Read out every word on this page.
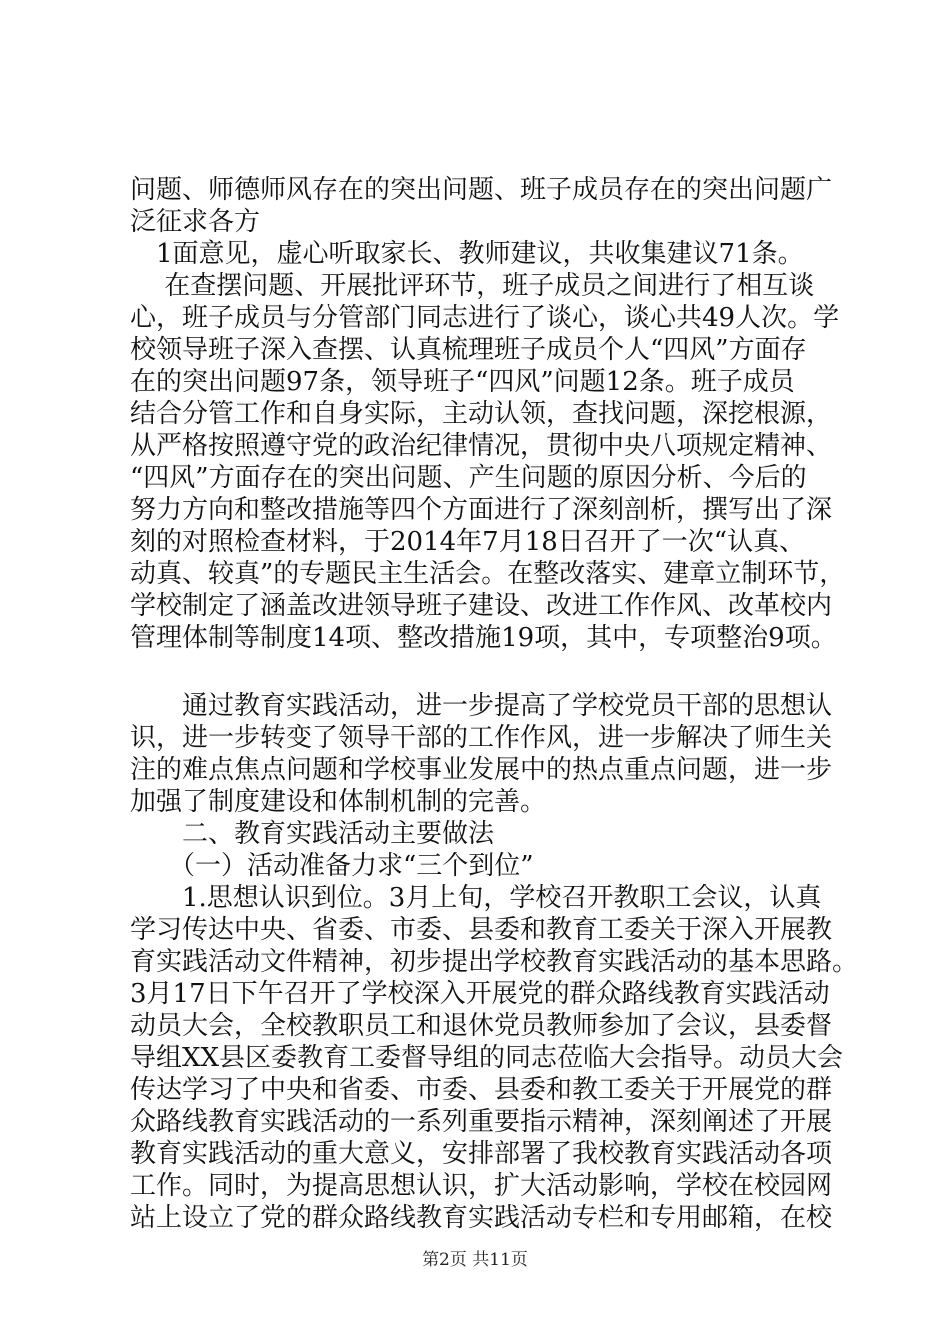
问题、师德师风存在的突出问题、班子成员存在的突出问题广
泛征求各方
　1面意见，虚心听取家长、教师建议，共收集建议71条。
　 在查摆问题、开展批评环节，班子成员之间进行了相互谈
心，班子成员与分管部门同志进行了谈心，谈心共49人次。学
校领导班子深入查摆、认真梳理班子成员个人“四风”方面存
在的突出问题97条，领导班子“四风”问题12条。班子成员
结合分管工作和自身实际，主动认领，查找问题，深挖根源，
从严格按照遵守党的政治纪律情况，贯彻中央八项规定精神、
“四风”方面存在的突出问题、产生问题的原因分析、今后的
努力方向和整改措施等四个方面进行了深刻剖析，撰写出了深
刻的对照检查材料，于2014年7月18日召开了一次“认真、
动真、较真”的专题民主生活会。在整改落实、建章立制环节，
学校制定了涵盖改进领导班子建设、改进工作作风、改革校内
管理体制等制度14项、整改措施19项，其中，专项整治9项。
　　通过教育实践活动，进一步提高了学校党员干部的思想认
识，进一步转变了领导干部的工作作风，进一步解决了师生关
注的难点焦点问题和学校事业发展中的热点重点问题，进一步
加强了制度建设和体制机制的完善。
　　二、教育实践活动主要做法
　　（一）活动准备力求“三个到位”
　　1.思想认识到位。3月上旬，学校召开教职工会议，认真
学习传达中央、省委、市委、县委和教育工委关于深入开展教
育实践活动文件精神，初步提出学校教育实践活动的基本思路。
3月17日下午召开了学校深入开展党的群众路线教育实践活动
动员大会，全校教职员工和退休党员教师参加了会议，县委督
导组XX县区委教育工委督导组的同志莅临大会指导。动员大会
传达学习了中央和省委、市委、县委和教工委关于开展党的群
众路线教育实践活动的一系列重要指示精神，深刻阐述了开展
教育实践活动的重大意义，安排部署了我校教育实践活动各项
工作。同时，为提高思想认识，扩大活动影响，学校在校园网
站上设立了党的群众路线教育实践活动专栏和专用邮箱，在校
第2页 共11页
